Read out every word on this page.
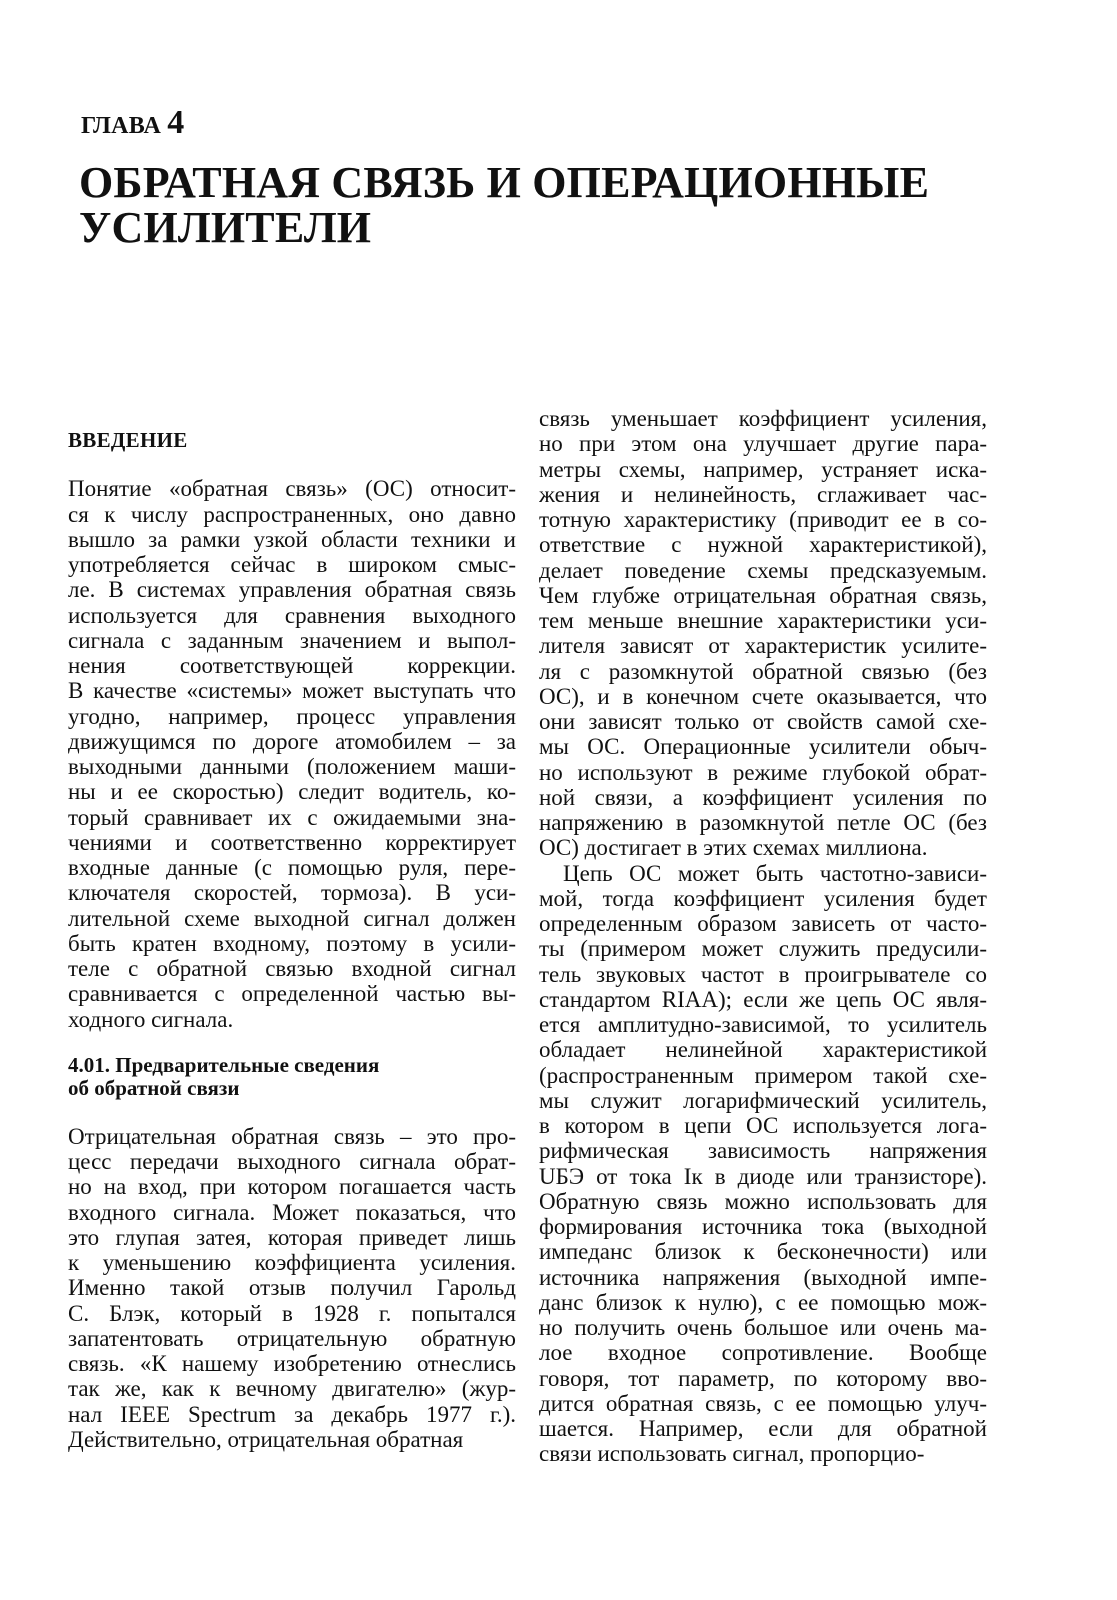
ГЛАВА 4
ОБРАТНАЯ СВЯЗЬ И ОПЕРАЦИОННЫЕ
УСИЛИТЕЛИ
ВВЕДЕНИЕ
Понятие «обратная связь» (ОС) относит-
ся к числу распространенных, оно давно
вышло за рамки узкой области техники и
употребляется сейчас в широком смыс-
ле. В системах управления обратная связь
используется для сравнения выходного
сигнала с заданным значением и выпол-
нения соответствующей коррекции.
В качестве «системы» может выступать что
угодно, например, процесс управления
движущимся по дороге атомобилем – за
выходными данными (положением маши-
ны и ее скоростью) следит водитель, ко-
торый сравнивает их с ожидаемыми зна-
чениями и соответственно корректирует
входные данные (с помощью руля, пере-
ключателя скоростей, тормоза). В уси-
лительной схеме выходной сигнал должен
быть кратен входному, поэтому в усили-
теле с обратной связью входной сигнал
сравнивается с определенной частью вы-
ходного сигнала.
4.01. Предварительные сведения
об обратной связи
Отрицательная обратная связь – это про-
цесс передачи выходного сигнала обрат-
но на вход, при котором погашается часть
входного сигнала. Может показаться, что
это глупая затея, которая приведет лишь
к уменьшению коэффициента усиления.
Именно такой отзыв получил Гарольд
С. Блэк, который в 1928 г. попытался
запатентовать отрицательную обратную
связь. «К нашему изобретению отнеслись
так же, как к вечному двигателю» (жур-
нал IEEE Spectrum за декабрь 1977 г.).
Действительно, отрицательная обратная
связь уменьшает коэффициент усиления,
но при этом она улучшает другие пара-
метры схемы, например, устраняет иска-
жения и нелинейность, сглаживает час-
тотную характеристику (приводит ее в со-
ответствие с нужной характеристикой),
делает поведение схемы предсказуемым.
Чем глубже отрицательная обратная связь,
тем меньше внешние характеристики уси-
лителя зависят от характеристик усилите-
ля с разомкнутой обратной связью (без
ОС), и в конечном счете оказывается, что
они зависят только от свойств самой схе-
мы ОС. Операционные усилители обыч-
но используют в режиме глубокой обрат-
ной связи, а коэффициент усиления по
напряжению в разомкнутой петле ОС (без
ОС) достигает в этих схемах миллиона.
Цепь ОС может быть частотно-зависи-
мой, тогда коэффициент усиления будет
определенным образом зависеть от часто-
ты (примером может служить предусили-
тель звуковых частот в проигрывателе со
стандартом RIAA); если же цепь ОС явля-
ется амплитудно-зависимой, то усилитель
обладает нелинейной характеристикой
(распространенным примером такой схе-
мы служит логарифмический усилитель,
в котором в цепи ОС используется лога-
рифмическая зависимость напряжения
UБЭ от тока Iк в диоде или транзисторе).
Обратную связь можно использовать для
формирования источника тока (выходной
импеданс близок к бесконечности) или
источника напряжения (выходной импе-
данс близок к нулю), с ее помощью мож-
но получить очень большое или очень ма-
лое входное сопротивление. Вообще
говоря, тот параметр, по которому вво-
дится обратная связь, с ее помощью улуч-
шается. Например, если для обратной
связи использовать сигнал, пропорцио-
